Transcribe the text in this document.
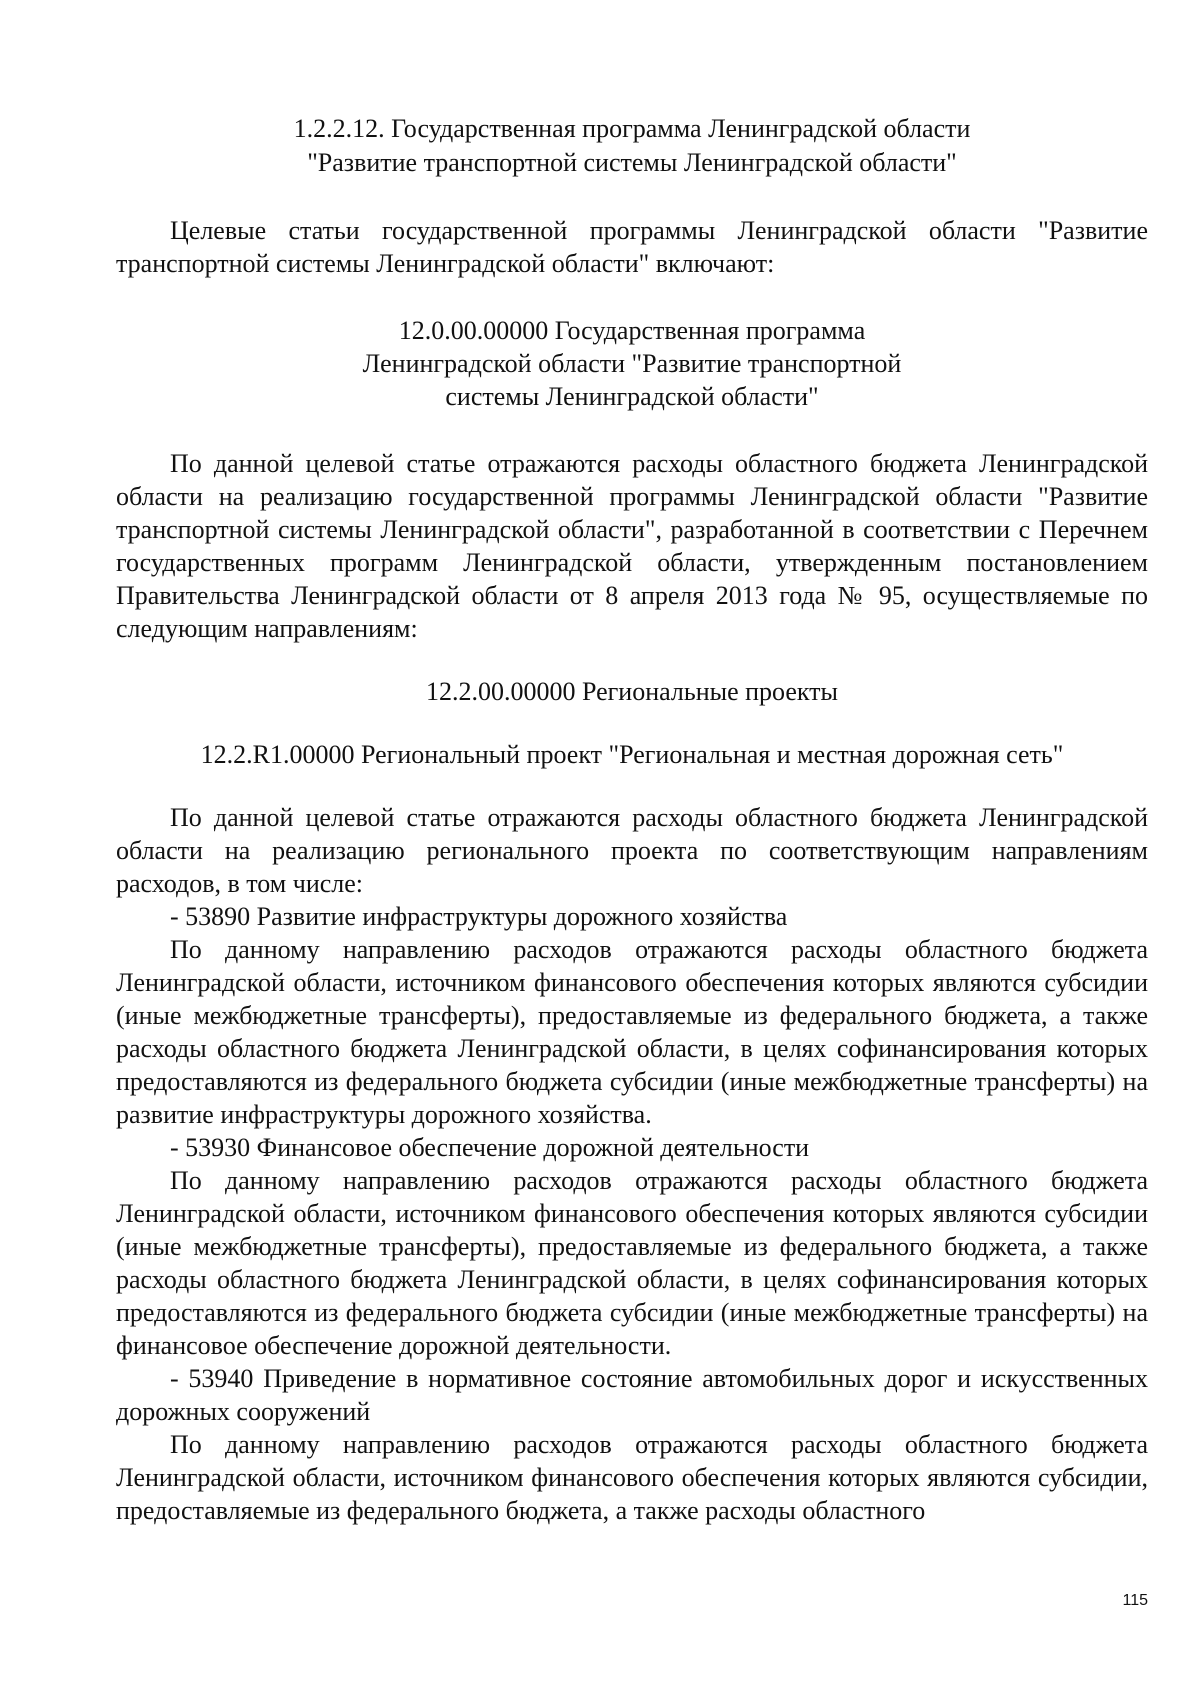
1.2.2.12. Государственная программа Ленинградской области

"Развитие транспортной системы Ленинградской области"

Целевые статьи государственной программы Ленинградской области "Развитие транспортной системы Ленинградской области" включают:

12.0.00.00000 Государственная программа
Ленинградской области "Развитие транспортной
системы Ленинградской области"

По данной целевой статье отражаются расходы областного бюджета Ленинградской области на реализацию государственной программы Ленинградской области "Развитие транспортной системы Ленинградской области", разработанной в соответствии с Перечнем государственных программ Ленинградской области, утвержденным постановлением Правительства Ленинградской области от 8 апреля 2013 года № 95, осуществляемые по следующим направлениям:

12.2.00.00000 Региональные проекты

12.2.R1.00000 Региональный проект "Региональная и местная дорожная сеть"

По данной целевой статье отражаются расходы областного бюджета Ленинградской области на реализацию регионального проекта по соответствующим направлениям расходов, в том числе:

- 53890 Развитие инфраструктуры дорожного хозяйства

По данному направлению расходов отражаются расходы областного бюджета Ленинградской области, источником финансового обеспечения которых являются субсидии (иные межбюджетные трансферты), предоставляемые из федерального бюджета, а также расходы областного бюджета Ленинградской области, в целях софинансирования которых предоставляются из федерального бюджета субсидии (иные межбюджетные трансферты) на развитие инфраструктуры дорожного хозяйства.

- 53930 Финансовое обеспечение дорожной деятельности

По данному направлению расходов отражаются расходы областного бюджета Ленинградской области, источником финансового обеспечения которых являются субсидии (иные межбюджетные трансферты), предоставляемые из федерального бюджета, а также расходы областного бюджета Ленинградской области, в целях софинансирования которых предоставляются из федерального бюджета субсидии (иные межбюджетные трансферты) на финансовое обеспечение дорожной деятельности.

- 53940 Приведение в нормативное состояние автомобильных дорог и искусственных дорожных сооружений

По данному направлению расходов отражаются расходы областного бюджета Ленинградской области, источником финансового обеспечения которых являются субсидии, предоставляемые из федерального бюджета, а также расходы областного

115
